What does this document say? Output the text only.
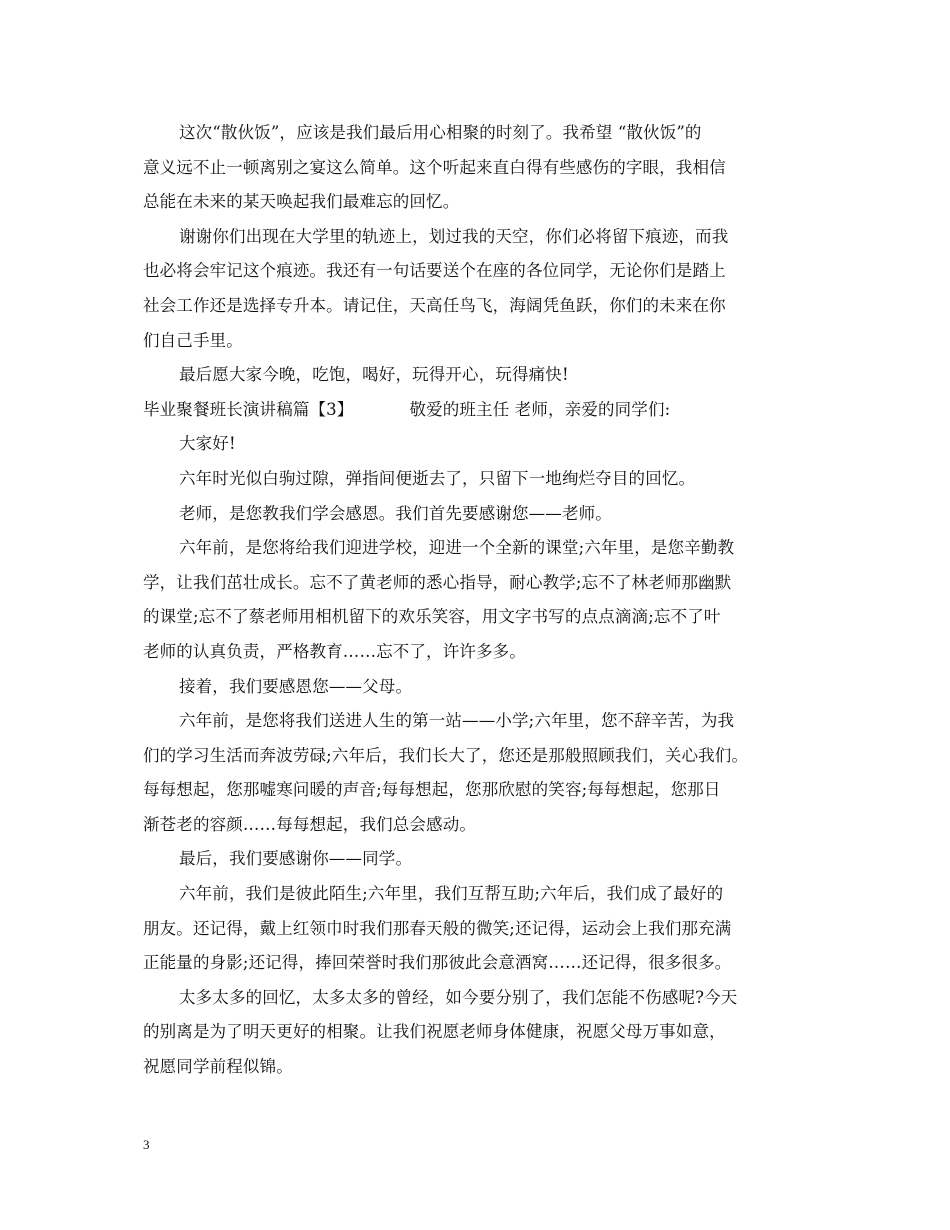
这次“散伙饭”，应该是我们最后用心相聚的时刻了。我希望 “散伙饭”的
意义远不止一顿离别之宴这么简单。这个听起来直白得有些感伤的字眼，我相信
总能在未来的某天唤起我们最难忘的回忆。
谢谢你们出现在大学里的轨迹上，划过我的天空，你们必将留下痕迹，而我
也必将会牢记这个痕迹。我还有一句话要送个在座的各位同学，无论你们是踏上
社会工作还是选择专升本。请记住，天高任鸟飞，海阔凭鱼跃，你们的未来在你
们自己手里。
最后愿大家今晚，吃饱，喝好，玩得开心，玩得痛快!
毕业聚餐班长演讲稿篇【3】	敬爱的班主任 老师，亲爱的同学们:
大家好!
六年时光似白驹过隙，弹指间便逝去了，只留下一地绚烂夺目的回忆。
老师，是您教我们学会感恩。我们首先要感谢您——老师。
六年前，是您将给我们迎进学校，迎进一个全新的课堂;六年里，是您辛勤教
学，让我们茁壮成长。忘不了黄老师的悉心指导，耐心教学;忘不了林老师那幽默
的课堂;忘不了蔡老师用相机留下的欢乐笑容，用文字书写的点点滴滴;忘不了叶
老师的认真负责，严格教育……忘不了，许许多多。
接着，我们要感恩您——父母。
六年前，是您将我们送进人生的第一站——小学;六年里，您不辞辛苦，为我
们的学习生活而奔波劳碌;六年后，我们长大了，您还是那般照顾我们，关心我们。
每每想起，您那嘘寒问暖的声音;每每想起，您那欣慰的笑容;每每想起，您那日
渐苍老的容颜……每每想起，我们总会感动。
最后，我们要感谢你——同学。
六年前，我们是彼此陌生;六年里，我们互帮互助;六年后，我们成了最好的
朋友。还记得，戴上红领巾时我们那春天般的微笑;还记得，运动会上我们那充满
正能量的身影;还记得，捧回荣誉时我们那彼此会意酒窝……还记得，很多很多。
太多太多的回忆，太多太多的曾经，如今要分别了，我们怎能不伤感呢?今天
的别离是为了明天更好的相聚。让我们祝愿老师身体健康，祝愿父母万事如意，
祝愿同学前程似锦。
3
